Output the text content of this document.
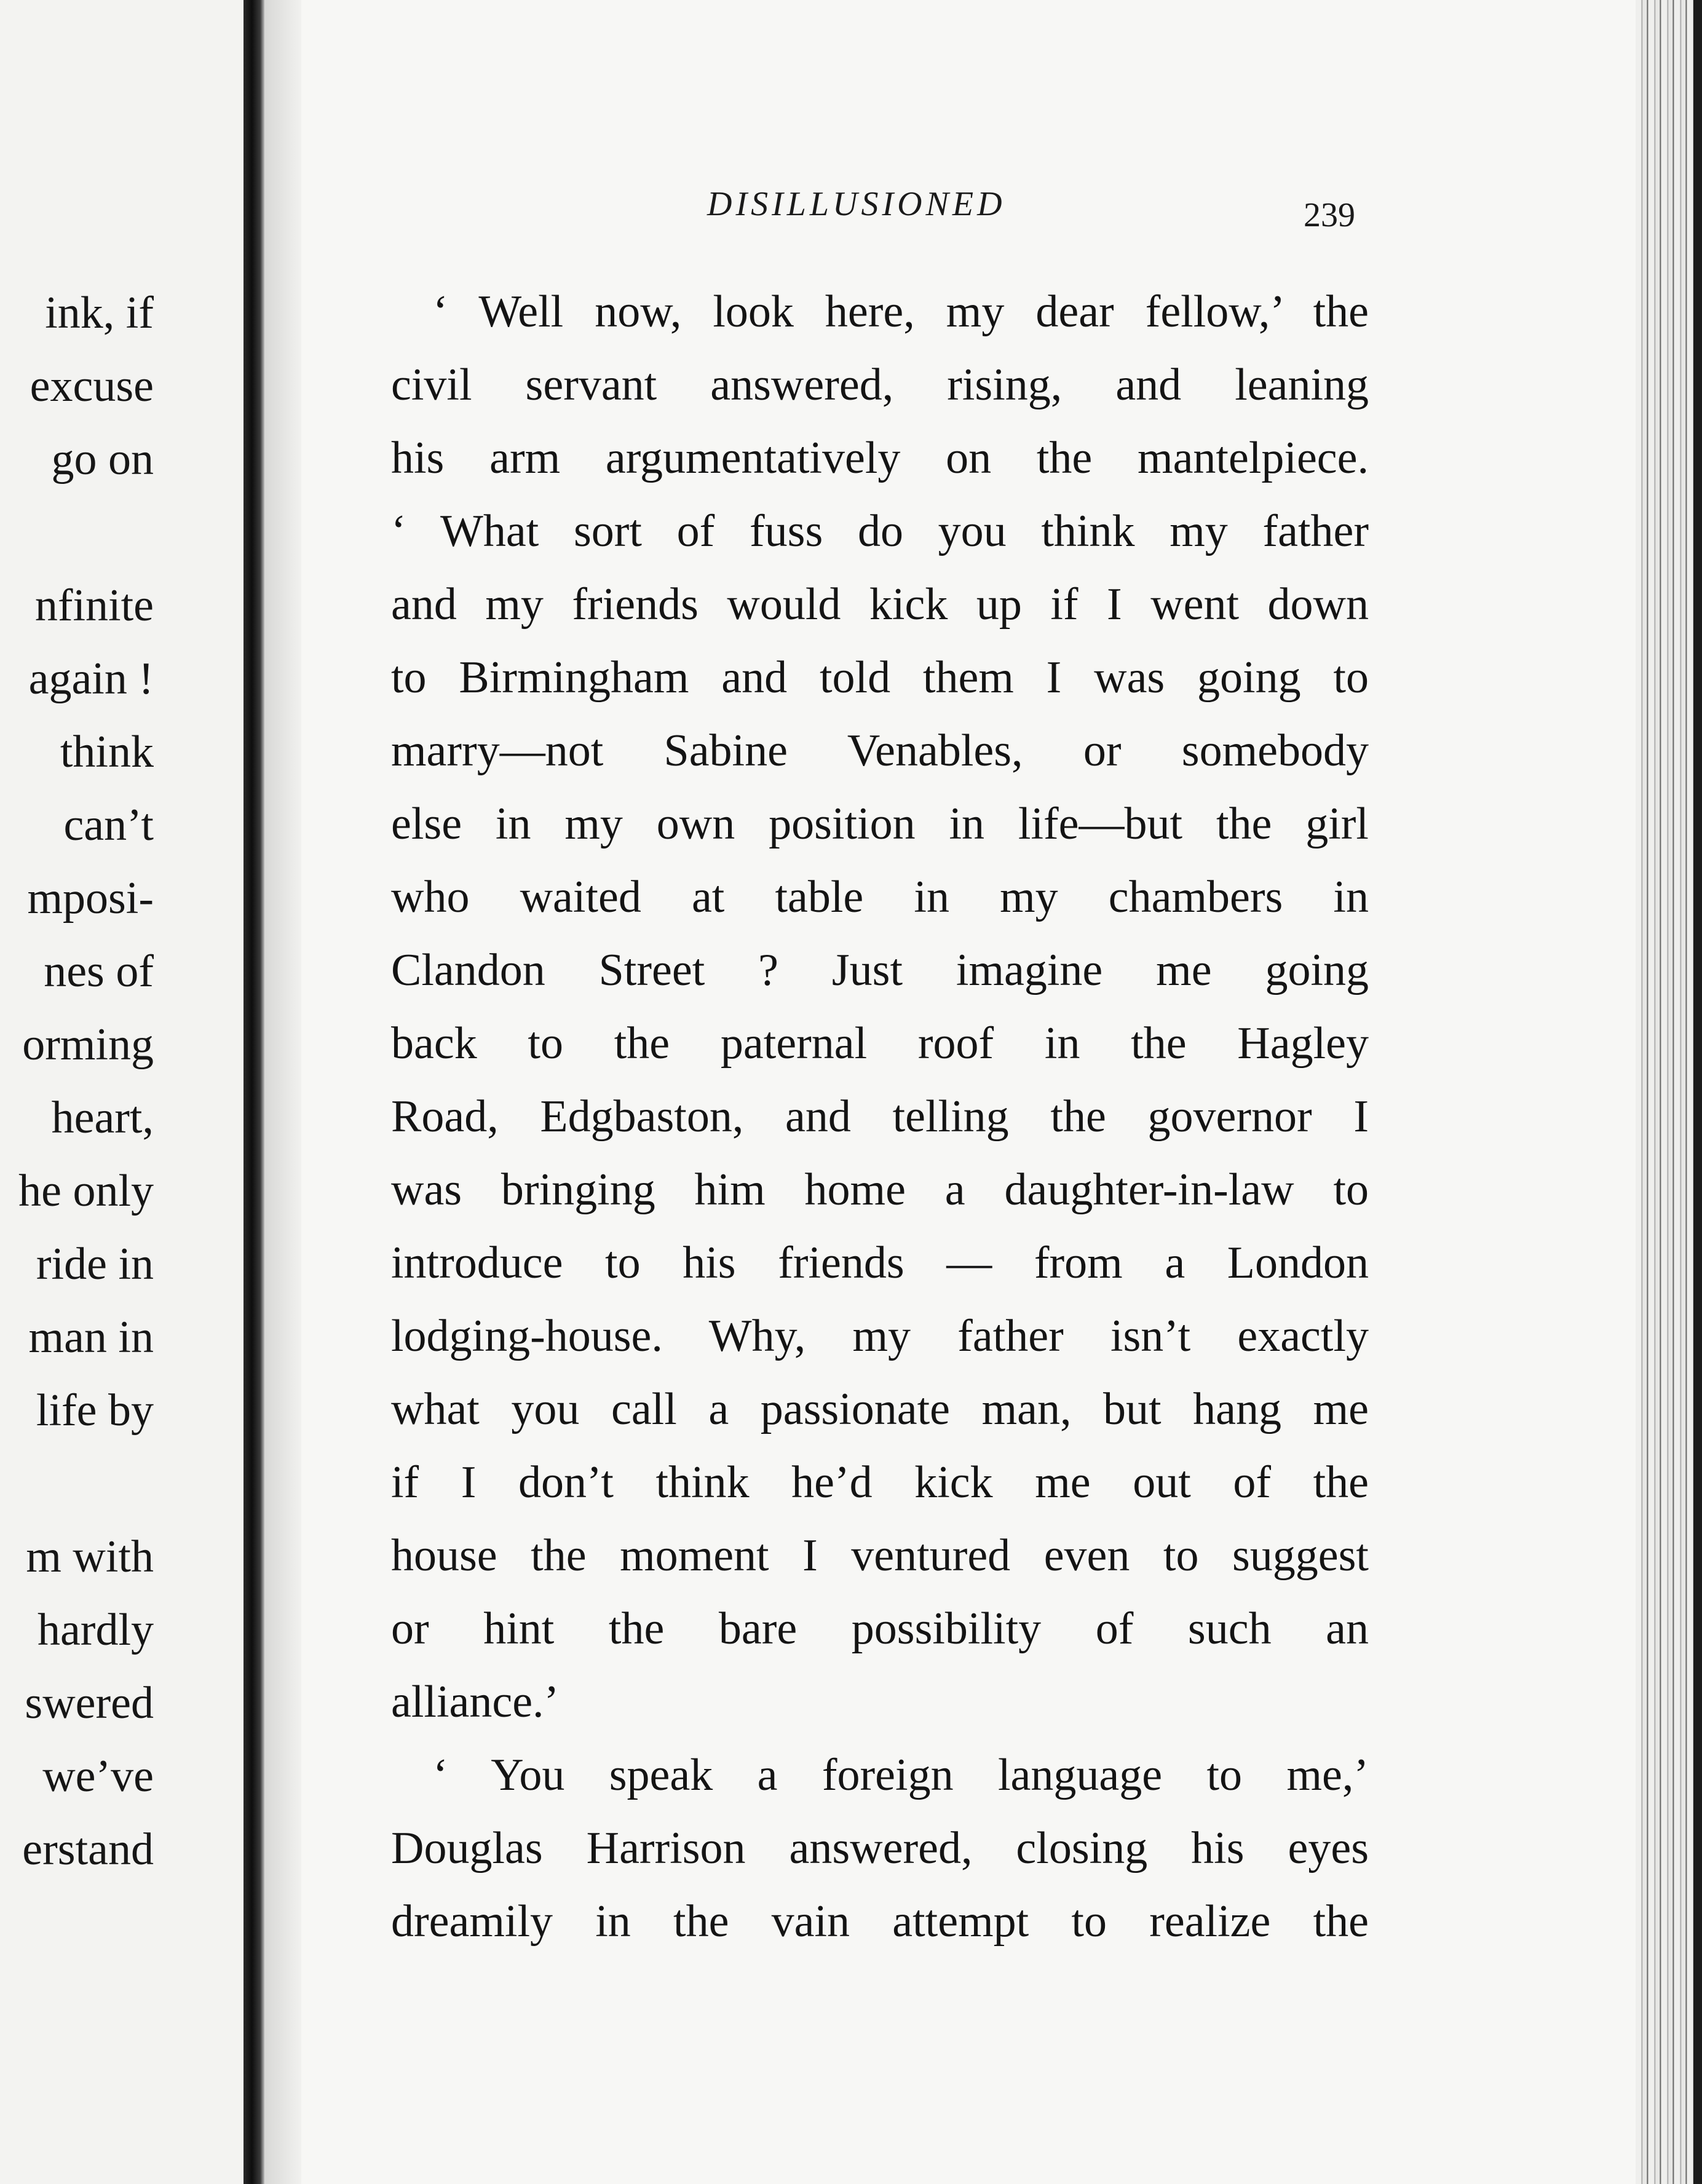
ink, if
excuse
go on
nfinite
again !
think
can’t
mposi-
nes of
orming
heart,
he only
ride in
man in
life by
m with
hardly
swered
we’ve
erstand
DISILLUSIONED	239
‘ Well now, look here, my dear fellow,’ the
civil servant answered, rising, and leaning
his arm argumentatively on the mantelpiece.
‘ What sort of fuss do you think my father
and my friends would kick up if I went down
to Birmingham and told them I was going to
marry—not Sabine Venables, or somebody
else in my own position in life—but the girl
who waited at table in my chambers in
Clandon Street ? Just imagine me going
back to the paternal roof in the Hagley
Road, Edgbaston, and telling the governor I
was bringing him home a daughter-in-law to
introduce to his friends — from a London
lodging-house. Why, my father isn’t exactly
what you call a passionate man, but hang me
if I don’t think he’d kick me out of the
house the moment I ventured even to suggest
or hint the bare possibility of such an
alliance.’
‘ You speak a foreign language to me,’
Douglas Harrison answered, closing his eyes
dreamily in the vain attempt to realize the
